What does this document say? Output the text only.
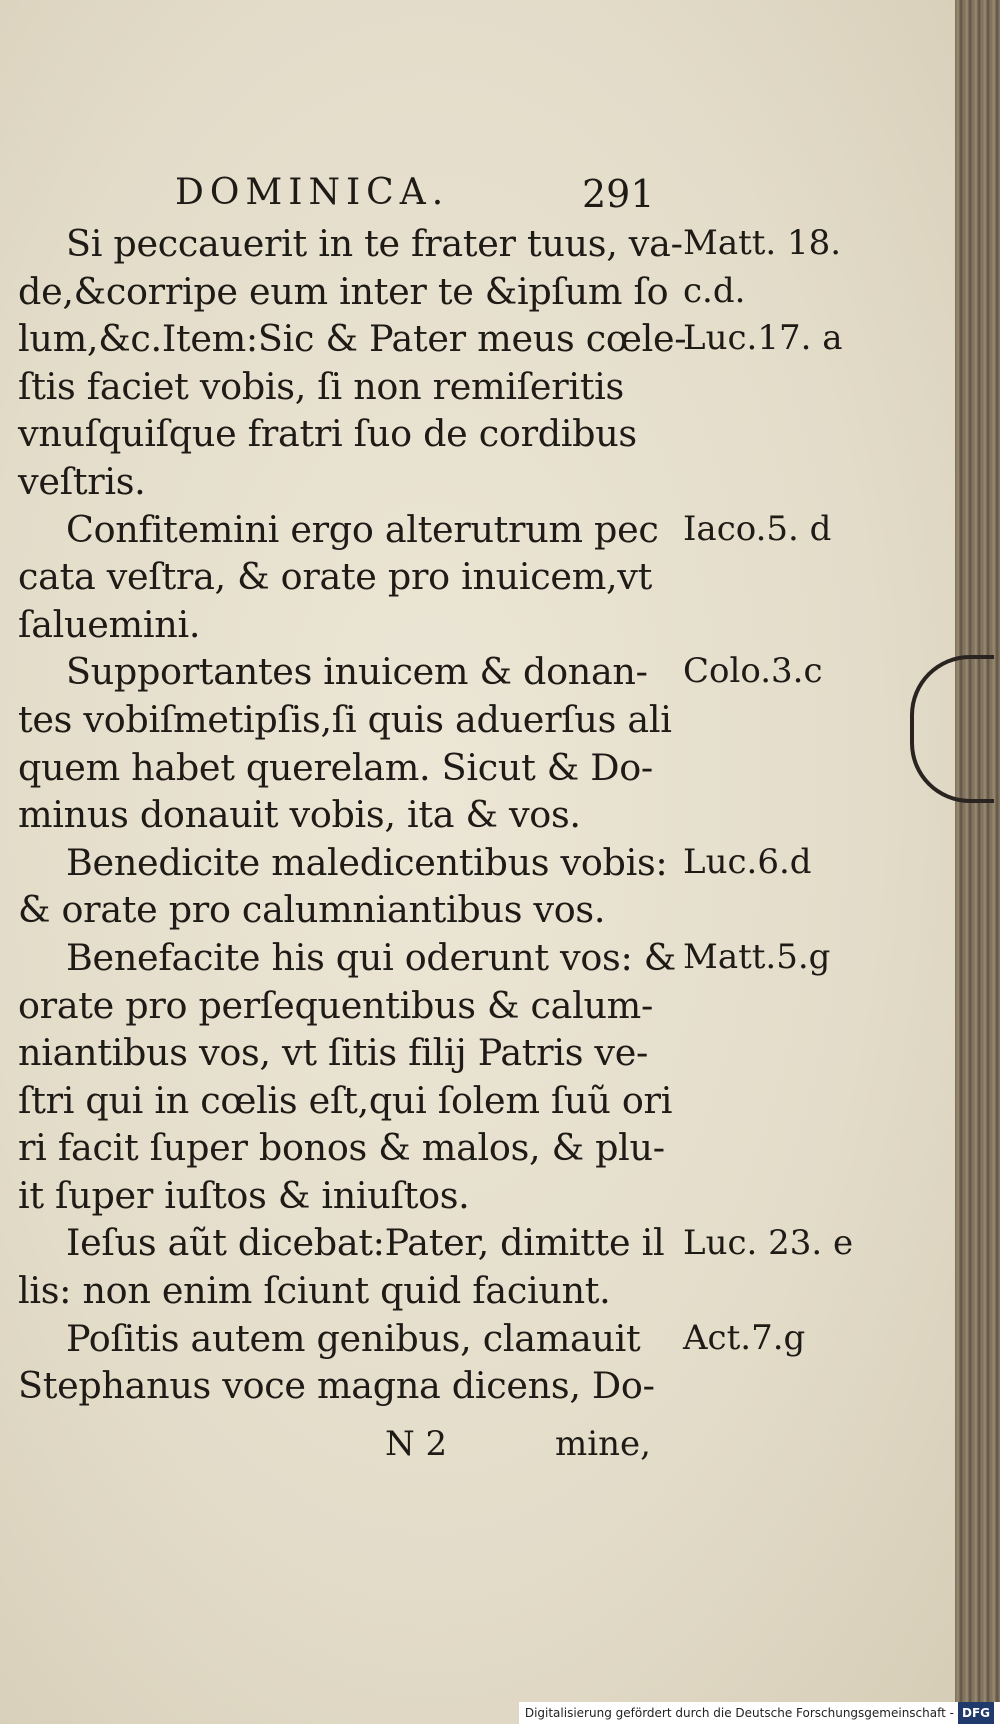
DOMINICA.	291
Si peccauerit in te frater tuus, va-
de,&corripe eum inter te &ipſum ſo
lum,&c.Item:Sic & Pater meus cœle-
ſtis faciet vobis, ſi non remiſeritis
vnuſquiſque fratri ſuo de cordibus
veſtris.
Confitemini ergo alterutrum pec
cata veſtra, & orate pro inuicem,vt
ſaluemini.
Supportantes inuicem & donan-
tes vobiſmetipſis,ſi quis aduerſus ali
quem habet querelam. Sicut & Do-
minus donauit vobis, ita & vos.
Benedicite maledicentibus vobis:
& orate pro calumniantibus vos.
Benefacite his qui oderunt vos: &
orate pro perſequentibus & calum-
niantibus vos, vt ſitis filij Patris ve-
ſtri qui in cœlis eſt,qui ſolem ſuũ ori
ri facit ſuper bonos & malos, & plu-
it ſuper iuſtos & iniuſtos.
Ieſus aũt dicebat:Pater, dimitte il
lis: non enim ſciunt quid faciunt.
Poſitis autem genibus, clamauit
Stephanus voce magna dicens, Do-
Matt. 18.
c.d.
Luc.17. a
Iaco.5. d
Colo.3.c
Luc.6.d
Matt.5.g
Luc. 23. e
Act.7.g
N 2	mine,
Digitalisierung gefördert durch die Deutsche Forschungsgemeinschaft - DFG
